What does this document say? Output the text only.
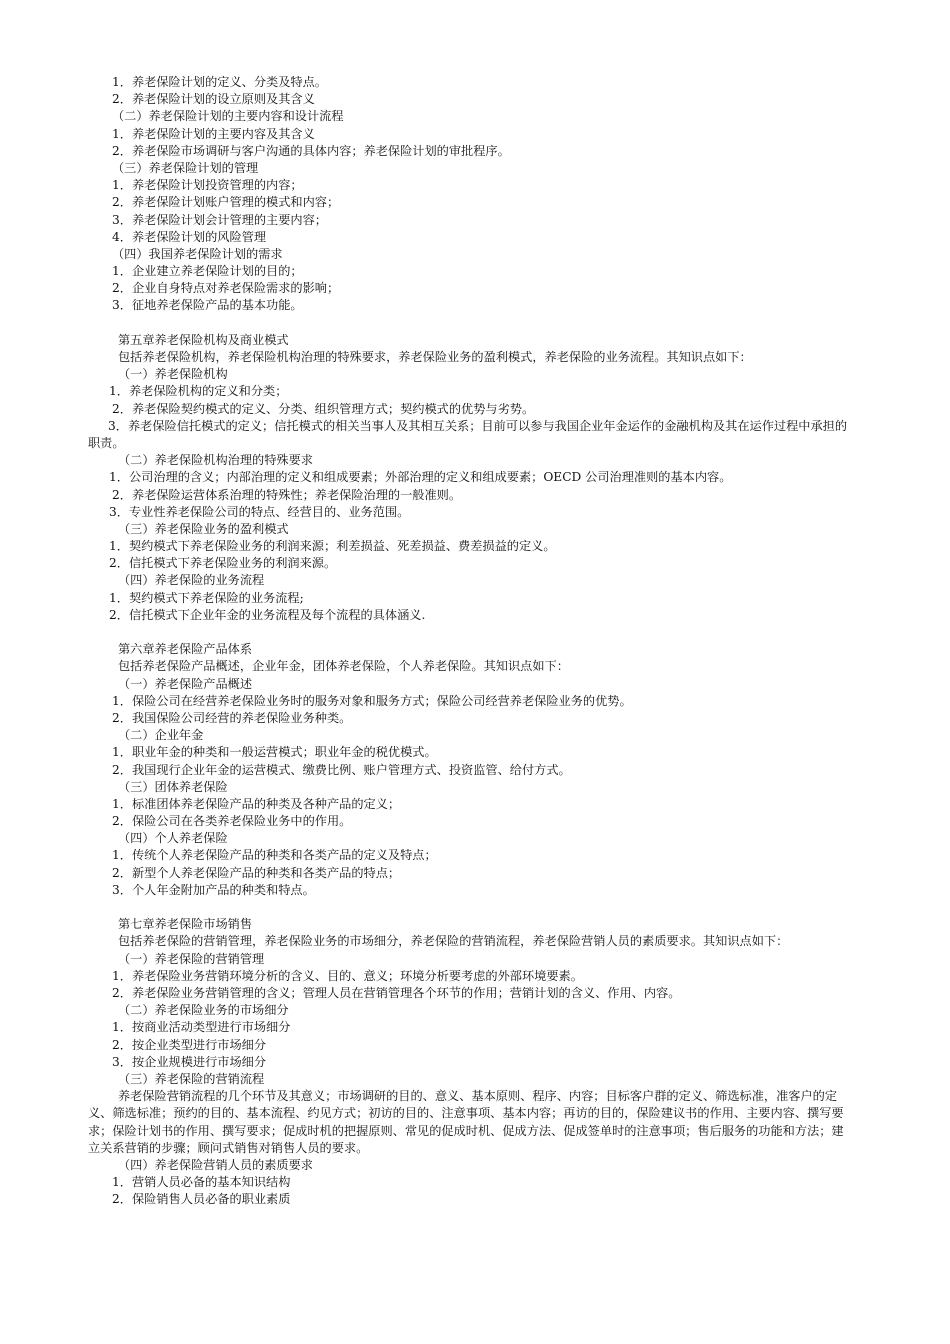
1．养老保险计划的定义、分类及特点。
2．养老保险计划的设立原则及其含义
（二）养老保险计划的主要内容和设计流程
1．养老保险计划的主要内容及其含义
2．养老保险市场调研与客户沟通的具体内容；养老保险计划的审批程序。
（三）养老保险计划的管理
1．养老保险计划投资管理的内容；
2．养老保险计划账户管理的模式和内容；
3．养老保险计划会计管理的主要内容；
4．养老保险计划的风险管理
（四）我国养老保险计划的需求
1．企业建立养老保险计划的目的；
2．企业自身特点对养老保险需求的影响；
3．征地养老保险产品的基本功能。
第五章养老保险机构及商业模式
包括养老保险机构，养老保险机构治理的特殊要求，养老保险业务的盈利模式，养老保险的业务流程。其知识点如下：
（一）养老保险机构
1．养老保险机构的定义和分类；
2．养老保险契约模式的定义、分类、组织管理方式；契约模式的优势与劣势。
3．养老保险信托模式的定义；信托模式的相关当事人及其相互关系；目前可以参与我国企业年金运作的金融机构及其在运作过程中承担的职责。
（二）养老保险机构治理的特殊要求
1．公司治理的含义；内部治理的定义和组成要素；外部治理的定义和组成要素；OECD 公司治理准则的基本内容。
2．养老保险运营体系治理的特殊性；养老保险治理的一般准则。
3．专业性养老保险公司的特点、经营目的、业务范围。
（三）养老保险业务的盈利模式
1．契约模式下养老保险业务的利润来源；利差损益、死差损益、费差损益的定义。
2．信托模式下养老保险业务的利润来源。
（四）养老保险的业务流程
1．契约模式下养老保险的业务流程;
2．信托模式下企业年金的业务流程及每个流程的具体涵义.
第六章养老保险产品体系
包括养老保险产品概述，企业年金，团体养老保险，个人养老保险。其知识点如下：
（一）养老保险产品概述
1．保险公司在经营养老保险业务时的服务对象和服务方式；保险公司经营养老保险业务的优势。
2．我国保险公司经营的养老保险业务种类。
（二）企业年金
1．职业年金的种类和一般运营模式；职业年金的税优模式。
2．我国现行企业年金的运营模式、缴费比例、账户管理方式、投资监管、给付方式。
（三）团体养老保险
1．标准团体养老保险产品的种类及各种产品的定义；
2．保险公司在各类养老保险业务中的作用。
（四）个人养老保险
1．传统个人养老保险产品的种类和各类产品的定义及特点；
2．新型个人养老保险产品的种类和各类产品的特点；
3．个人年金附加产品的种类和特点。
第七章养老保险市场销售
包括养老保险的营销管理，养老保险业务的市场细分，养老保险的营销流程，养老保险营销人员的素质要求。其知识点如下：
（一）养老保险的营销管理
1．养老保险业务营销环境分析的含义、目的、意义；环境分析要考虑的外部环境要素。
2．养老保险业务营销管理的含义；管理人员在营销管理各个环节的作用；营销计划的含义、作用、内容。
（二）养老保险业务的市场细分
1．按商业活动类型进行市场细分
2．按企业类型进行市场细分
3．按企业规模进行市场细分
（三）养老保险的营销流程
养老保险营销流程的几个环节及其意义；市场调研的目的、意义、基本原则、程序、内容；目标客户群的定义、筛选标准，准客户的定义、筛选标准；预约的目的、基本流程、约见方式；初访的目的、注意事项、基本内容；再访的目的，保险建议书的作用、主要内容、撰写要求；保险计划书的作用、撰写要求；促成时机的把握原则、常见的促成时机、促成方法、促成签单时的注意事项；售后服务的功能和方法；建立关系营销的步骤；顾问式销售对销售人员的要求。
（四）养老保险营销人员的素质要求
1．营销人员必备的基本知识结构
2．保险销售人员必备的职业素质
